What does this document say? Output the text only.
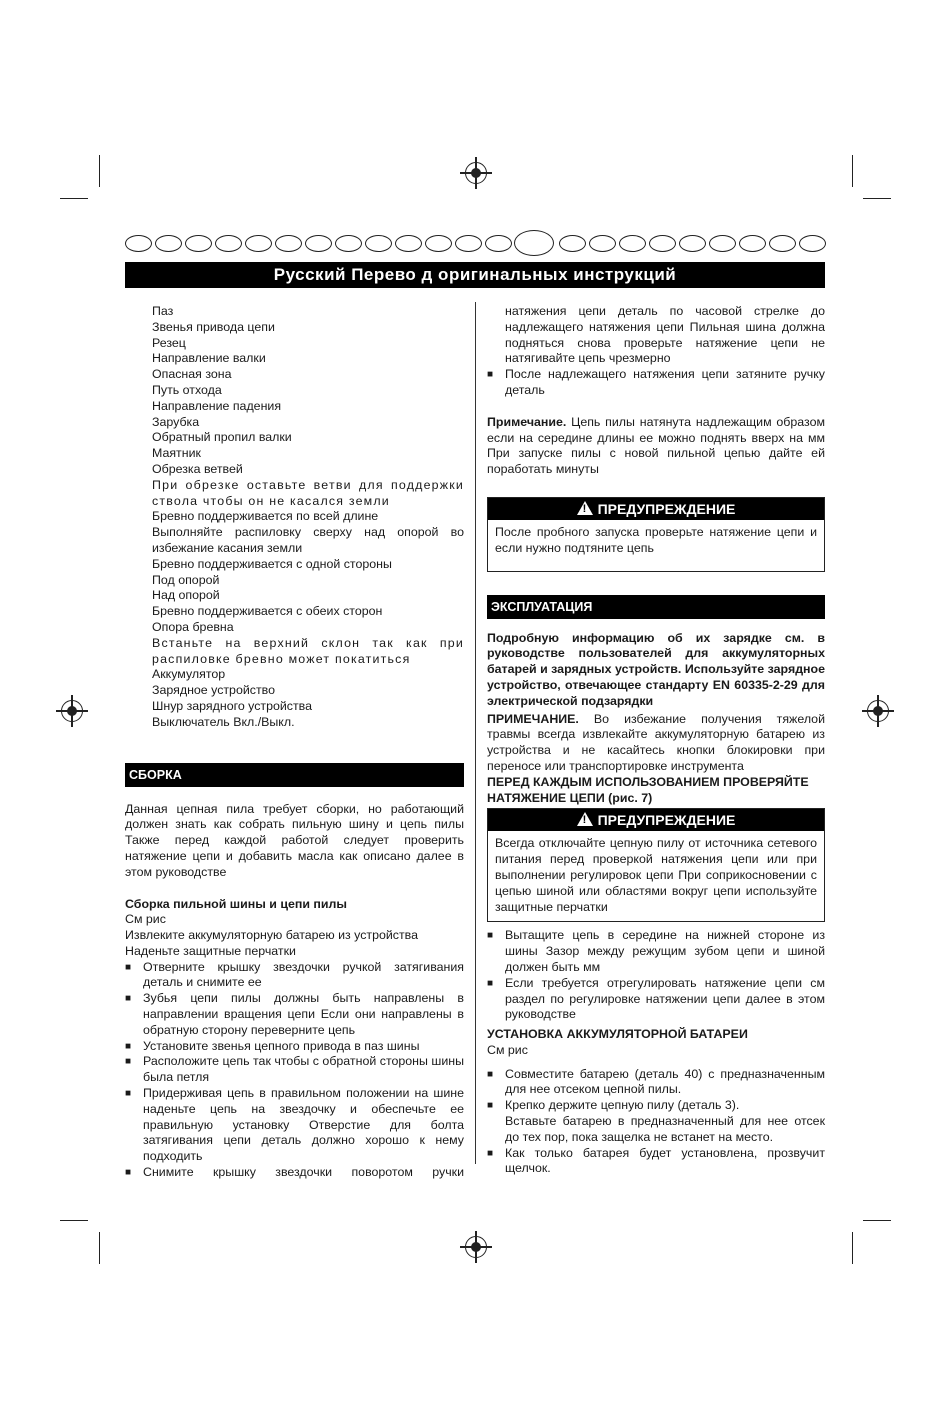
Русский Перево д оригинальных инструкций
Паз
Звенья привода цепи
Резец
Направление валки
Опасная зона
Путь отхода
Направление падения
Зарубка
Обратный пропил валки
Маятник
Обрезка ветвей
При обрезке оставьте ветви для поддержки ствола чтобы он не касался земли
Бревно поддерживается по всей длине
Выполняйте распиловку сверху над опорой во избежание касания земли
Бревно поддерживается с одной стороны
Под опорой
Над опорой
Бревно поддерживается с обеих сторон
Опора бревна
Встаньте на верхний склон так как при распиловке бревно может покатиться
Аккумулятор
Зарядное устройство
Шнур зарядного устройства
Выключатель Вкл./Выкл.
СБОРКА
Данная цепная пила требует сборки, но работающий должен знать как собрать пильную шину и цепь пилы Также перед каждой работой следует проверить натяжение цепи и добавить масла как описано далее в этом руководстве
Сборка пильной шины и цепи пилы
См рис
Извлеките аккумуляторную батарею из устройства
Наденьте защитные перчатки
■ Отверните крышку звездочки ручкой затягивания деталь и снимите ее
■ Зубья цепи пилы должны быть направлены в направлении вращения цепи Если они направлены в обратную сторону переверните цепь
■ Установите звенья цепного привода в паз шины
■ Расположите цепь так чтобы с обратной стороны шины была петля
■ Придерживая цепь в правильном положении на шине наденьте цепь на звездочку и обеспечьте ее правильную установку Отверстие для болта затягивания цепи деталь должно хорошо к нему подходить
■ Снимите крышку звездочки поворотом ручки
натяжения цепи деталь по часовой стрелке до надлежащего натяжения цепи Пильная шина должна подняться снова проверьте натяжение цепи не натягивайте цепь чрезмерно
■ После надлежащего натяжения цепи затяните ручку деталь
Примечание. Цепь пилы натянута надлежащим образом если на середине длины ее можно поднять вверх на мм При запуске пилы с новой пильной цепью дайте ей поработать минуты
!ПРЕДУПРЕЖДЕНИЕ
После пробного запуска проверьте натяжение цепи и если нужно подтяните цепь
ЭКСПЛУАТАЦИЯ
Подробную информацию об их зарядке см. в руководстве пользователей для аккумуляторных батарей и зарядных устройств. Используйте зарядное устройство, отвечающее стандарту EN 60335-2-29 для электрической подзарядки
ПРИМЕЧАНИЕ. Во избежание получения тяжелой травмы всегда извлекайте аккумуляторную батарею из устройства и не касайтесь кнопки блокировки при переносе или транспортировке инструмента
ПЕРЕД КАЖДЫМ ИСПОЛЬЗОВАНИЕМ ПРОВЕРЯЙТЕ НАТЯЖЕНИЕ ЦЕПИ (рис. 7)
!ПРЕДУПРЕЖДЕНИЕ
Всегда отключайте цепную пилу от источника сетевого питания перед проверкой натяжения цепи или при выполнении регулировок цепи При соприкосновении с цепью шиной или областями вокруг цепи используйте защитные перчатки
■ Вытащите цепь в середине на нижней стороне из шины Зазор между режущим зубом цепи и шиной должен быть мм
■ Если требуется отрегулировать натяжение цепи см раздел по регулировке натяжении цепи далее в этом руководстве
УСТАНОВКА АККУМУЛЯТОРНОЙ БАТАРЕИ
См рис
■ Совместите батарею (деталь 40) с предназначенным для нее отсеком цепной пилы.
■ Крепко держите цепную пилу (деталь 3).
Вставьте батарею в предназначенный для нее отсек до тех пор, пока защелка не встанет на место.
■ Как только батарея будет установлена, прозвучит щелчок.
